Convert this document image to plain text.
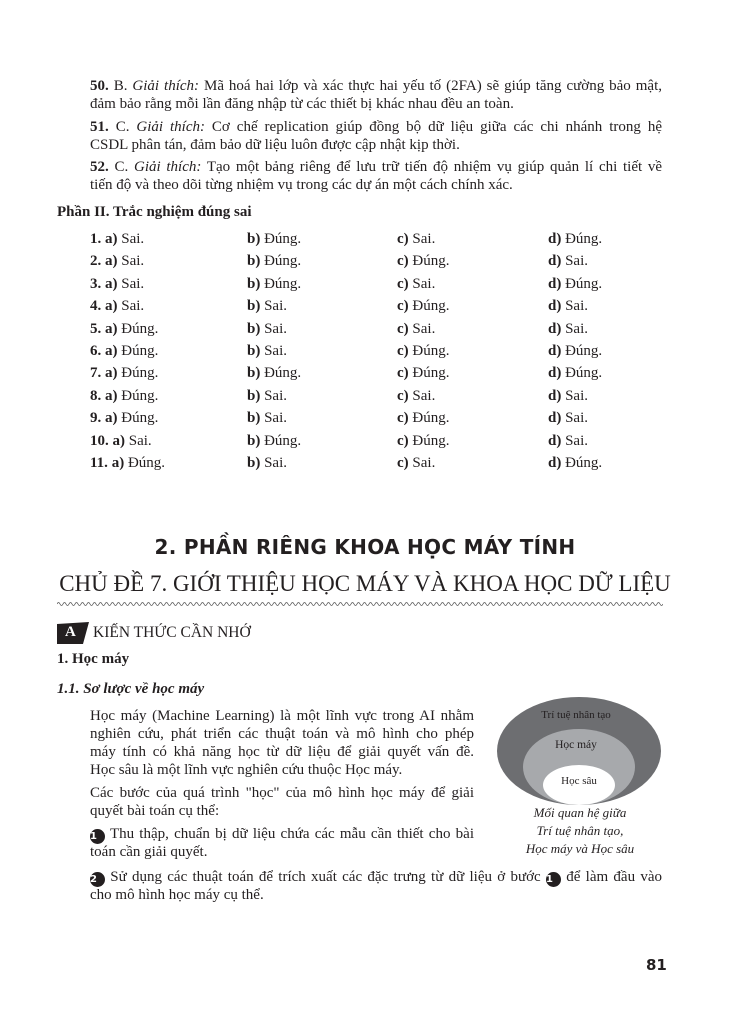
50. B. Giải thích: Mã hoá hai lớp và xác thực hai yếu tố (2FA) sẽ giúp tăng cường bảo mật,
đảm bảo rằng mỗi lần đăng nhập từ các thiết bị khác nhau đều an toàn.
51. C. Giải thích: Cơ chế replication giúp đồng bộ dữ liệu giữa các chi nhánh trong hệ
CSDL phân tán, đảm bảo dữ liệu luôn được cập nhật kịp thời.
52. C. Giải thích: Tạo một bảng riêng để lưu trữ tiến độ nhiệm vụ giúp quản lí chi tiết về
tiến độ và theo dõi từng nhiệm vụ trong các dự án một cách chính xác.
Phần II. Trắc nghiệm đúng sai
1. a) Sai.	b) Đúng.	c) Sai.	d) Đúng.
2. a) Sai.	b) Đúng.	c) Đúng.	d) Sai.
3. a) Sai.	b) Đúng.	c) Sai.	d) Đúng.
4. a) Sai.	b) Sai.	c) Đúng.	d) Sai.
5. a) Đúng.	b) Sai.	c) Sai.	d) Sai.
6. a) Đúng.	b) Sai.	c) Đúng.	d) Đúng.
7. a) Đúng.	b) Đúng.	c) Đúng.	d) Đúng.
8. a) Đúng.	b) Sai.	c) Sai.	d) Sai.
9. a) Đúng.	b) Sai.	c) Đúng.	d) Sai.
10. a) Sai.	b) Đúng.	c) Đúng.	d) Sai.
11. a) Đúng.	b) Sai.	c) Sai.	d) Đúng.
2. PHẦN RIÊNG KHOA HỌC MÁY TÍNH
CHỦ ĐỀ 7. GIỚI THIỆU HỌC MÁY VÀ KHOA HỌC DỮ LIỆU
A KIẾN THỨC CẦN NHỚ
1. Học máy
1.1. Sơ lược về học máy
Học máy (Machine Learning) là một lĩnh vực trong AI nhằm
nghiên cứu, phát triển các thuật toán và mô hình cho phép
máy tính có khả năng học từ dữ liệu để giải quyết vấn đề.
Học sâu là một lĩnh vực nghiên cứu thuộc Học máy.
Các bước của quá trình "học" của mô hình học máy để giải
quyết bài toán cụ thể:
1 Thu thập, chuẩn bị dữ liệu chứa các mẫu cần thiết cho bài
toán cần giải quyết.
2 Sử dụng các thuật toán để trích xuất các đặc trưng từ dữ liệu ở bước 1 để làm đầu vào
cho mô hình học máy cụ thể.
Trí tuệ nhân tạo
Học máy
Học sâu
Mối quan hệ giữa
Trí tuệ nhân tạo,
Học máy và Học sâu
81
